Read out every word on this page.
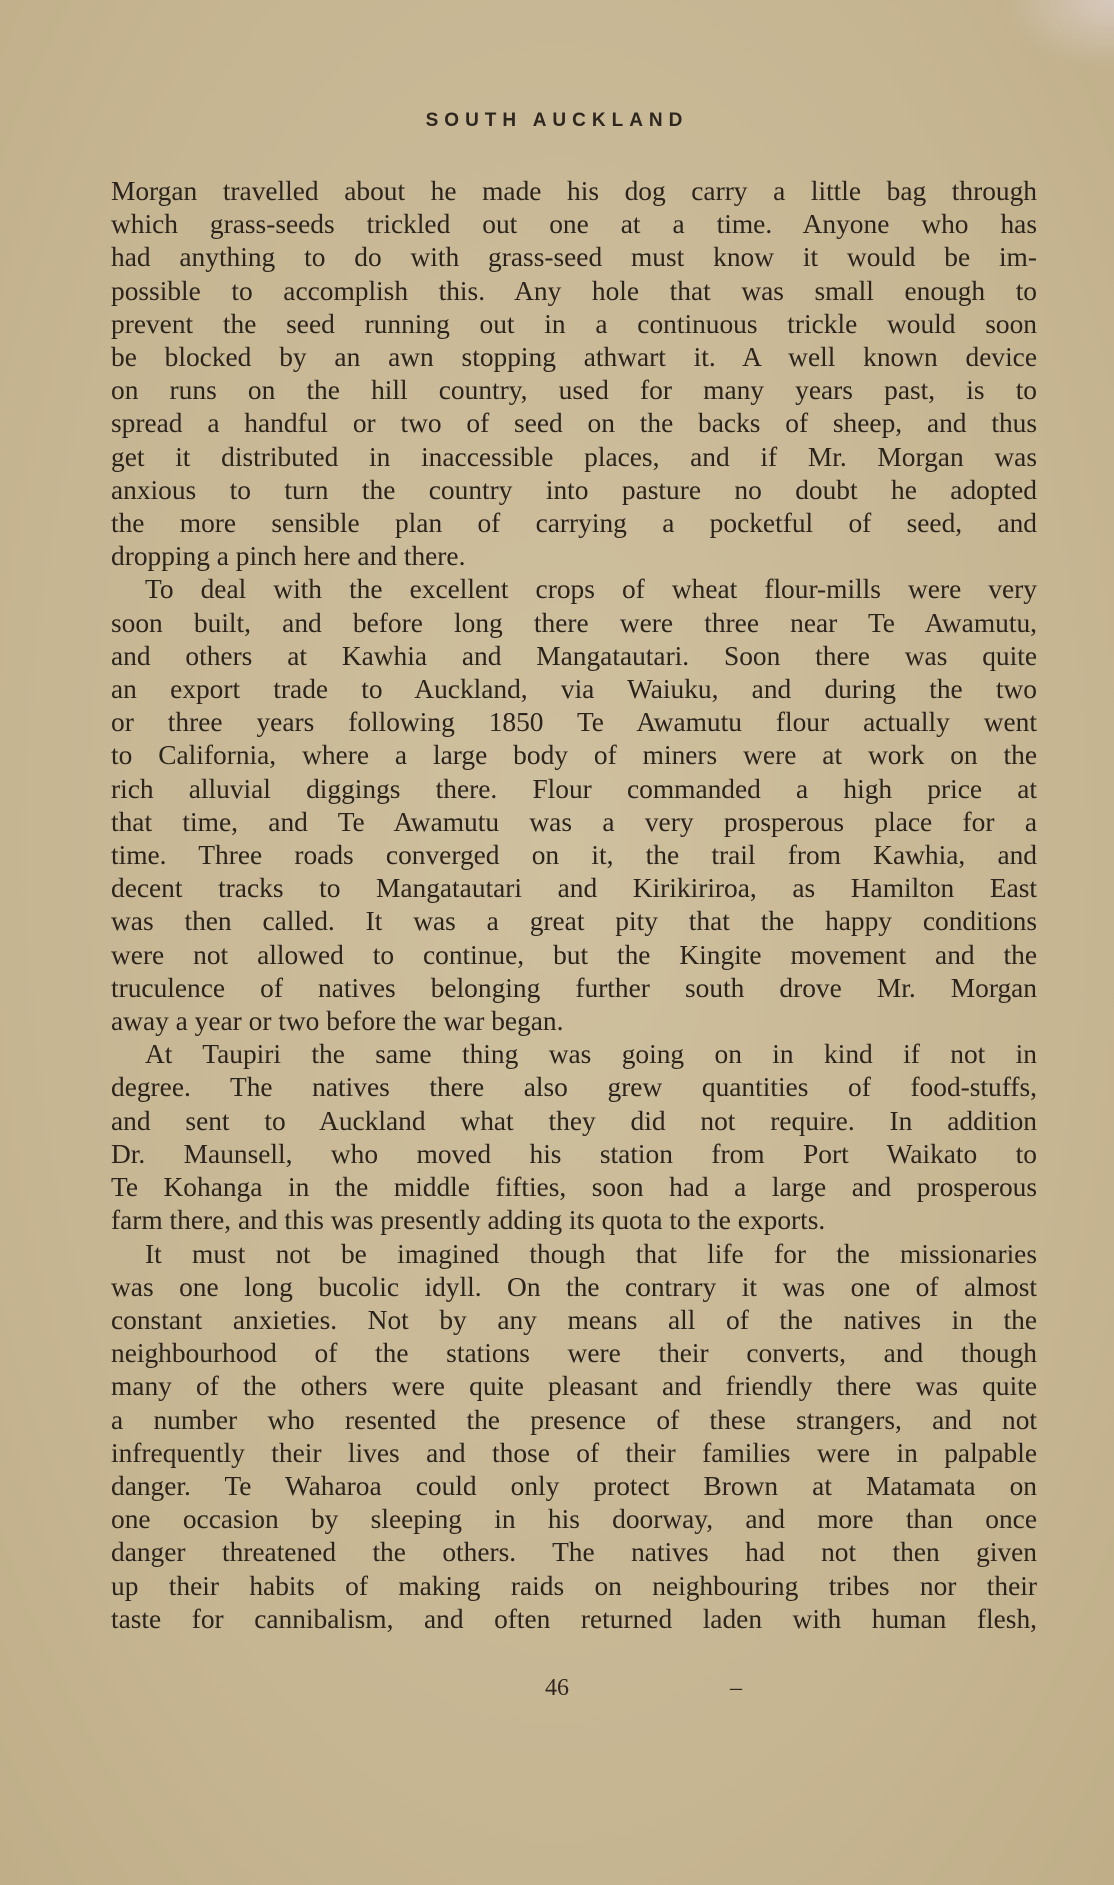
SOUTH AUCKLAND
Morgan travelled about he made his dog carry a little bag through
which grass-seeds trickled out one at a time. Anyone who has
had anything to do with grass-seed must know it would be im-
possible to accomplish this. Any hole that was small enough to
prevent the seed running out in a continuous trickle would soon
be blocked by an awn stopping athwart it. A well known device
on runs on the hill country, used for many years past, is to
spread a handful or two of seed on the backs of sheep, and thus
get it distributed in inaccessible places, and if Mr. Morgan was
anxious to turn the country into pasture no doubt he adopted
the more sensible plan of carrying a pocketful of seed, and
dropping a pinch here and there.
To deal with the excellent crops of wheat flour-mills were very
soon built, and before long there were three near Te Awamutu,
and others at Kawhia and Mangatautari. Soon there was quite
an export trade to Auckland, via Waiuku, and during the two
or three years following 1850 Te Awamutu flour actually went
to California, where a large body of miners were at work on the
rich alluvial diggings there. Flour commanded a high price at
that time, and Te Awamutu was a very prosperous place for a
time. Three roads converged on it, the trail from Kawhia, and
decent tracks to Mangatautari and Kirikiriroa, as Hamilton East
was then called. It was a great pity that the happy conditions
were not allowed to continue, but the Kingite movement and the
truculence of natives belonging further south drove Mr. Morgan
away a year or two before the war began.
At Taupiri the same thing was going on in kind if not in
degree. The natives there also grew quantities of food-stuffs,
and sent to Auckland what they did not require. In addition
Dr. Maunsell, who moved his station from Port Waikato to
Te Kohanga in the middle fifties, soon had a large and prosperous
farm there, and this was presently adding its quota to the exports.
It must not be imagined though that life for the missionaries
was one long bucolic idyll. On the contrary it was one of almost
constant anxieties. Not by any means all of the natives in the
neighbourhood of the stations were their converts, and though
many of the others were quite pleasant and friendly there was quite
a number who resented the presence of these strangers, and not
infrequently their lives and those of their families were in palpable
danger. Te Waharoa could only protect Brown at Matamata on
one occasion by sleeping in his doorway, and more than once
danger threatened the others. The natives had not then given
up their habits of making raids on neighbouring tribes nor their
taste for cannibalism, and often returned laden with human flesh,
46	–
